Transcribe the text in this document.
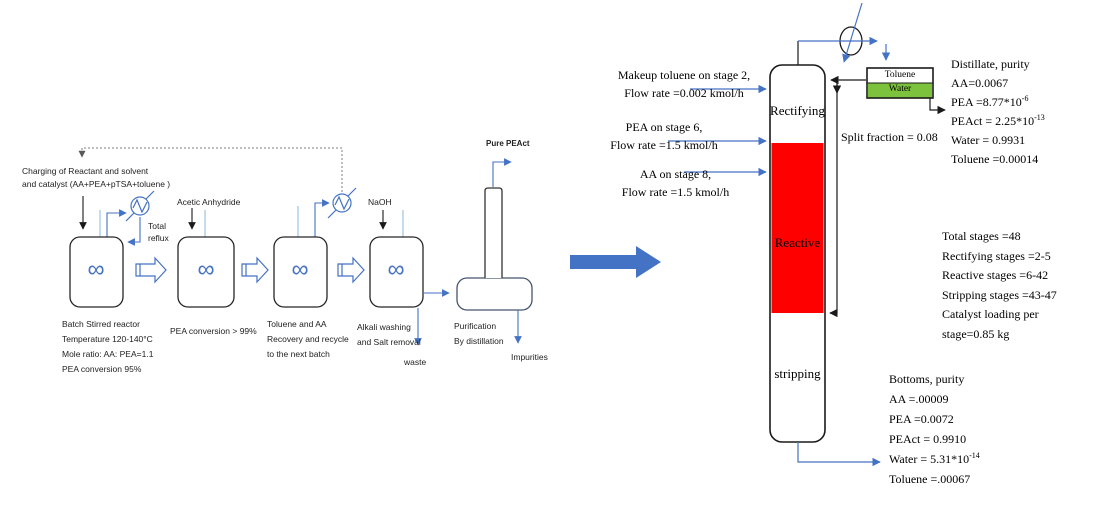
Charging of Reactant and solvent
and catalyst (AA+PEA+pTSA+toluene )
Total
reflux
Acetic Anhydride	NaOH
∞	∞	∞	∞
Batch Stirred reactor
Temperature 120-140°C
Mole ratio: AA: PEA=1.1
PEA conversion 95%
PEA conversion > 99%
Toluene and AA
Recovery and recycle
to the next batch
Alkali washing
and Salt removal
waste
Purification
By distillation
Pure PEAct
Impurities
Makeup toluene on stage 2,
Flow rate =0.002 kmol/h
PEA on stage 6,
Flow rate =1.5 kmol/h
AA on stage 8,
Flow rate =1.5 kmol/h
Rectifying
Reactive
stripping
Toluene
Water
Split fraction = 0.08
Distillate, purity
AA=0.0067
PEA $=8.77*10^{-6}$
PEAct = $2.25*10^{-13}$
Water = 0.9931
Toluene =0.00014
Total stages =48
Rectifying stages =2-5
Reactive stages =6-42
Stripping stages =43-47
Catalyst loading per
stage=0.85 kg
Bottoms, purity
AA =.00009
PEA =0.0072
PEAct = 0.9910
Water = $5.31*10^{-14}$
Toluene =.00067
